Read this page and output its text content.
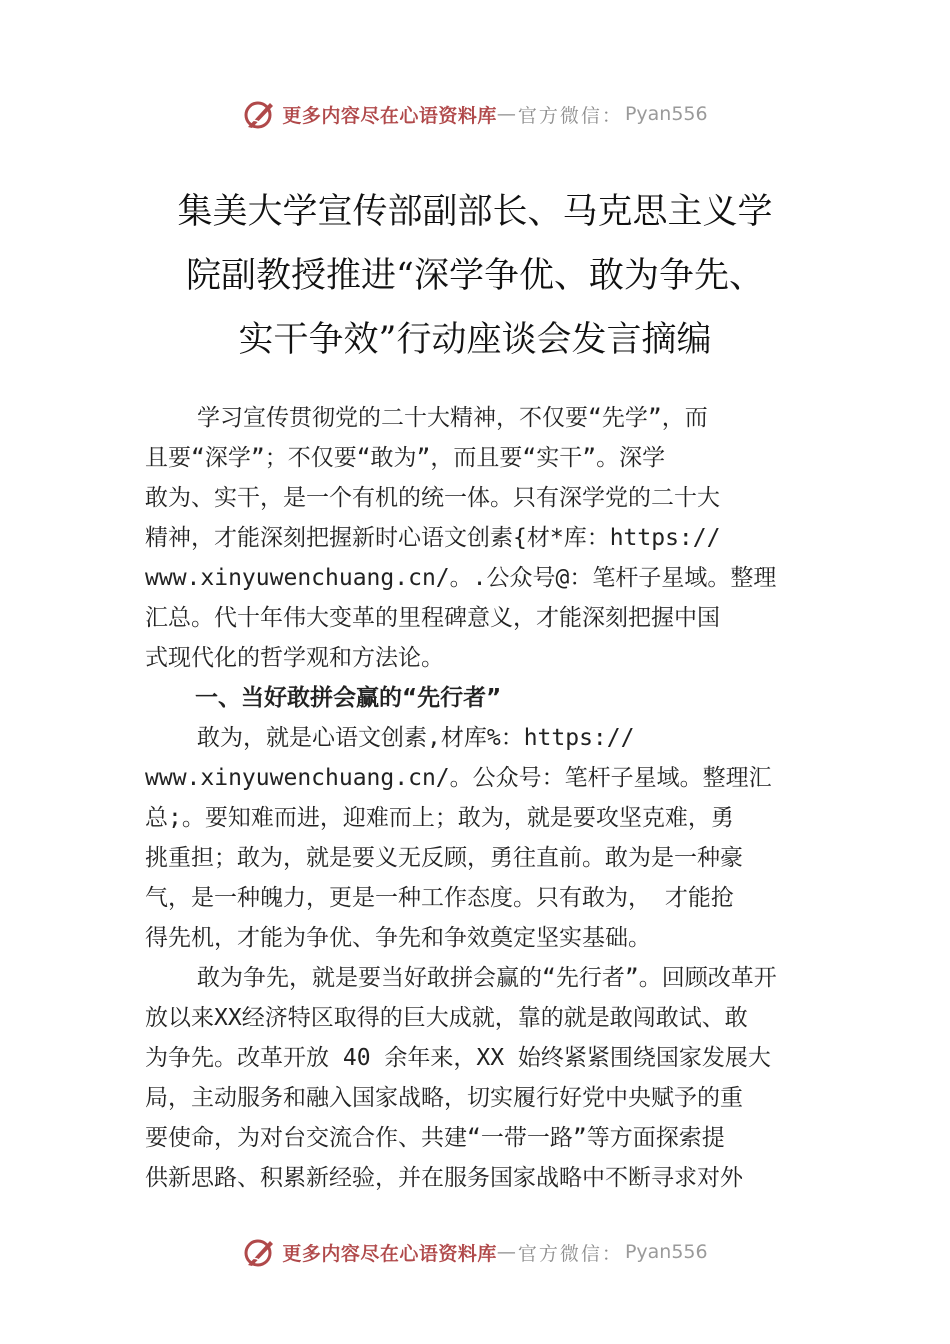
更多内容尽在心语资料库 — 官方微信： Pyan556
集美大学宣传部副部长、马克思主义学
院副教授推进“深学争优、敢为争先、
实干争效”行动座谈会发言摘编
学习宣传贯彻党的二十大精神，不仅要“先学”，而
且要“深学”；不仅要“敢为”，而且要“实干”。深学
敢为、实干，是一个有机的统一体。只有深学党的二十大
精神，才能深刻把握新时心语文创素{材*库：https://
www.xinyuwenchuang.cn/。.公众号@：笔杆子星域。整理
汇总。代十年伟大变革的里程碑意义，才能深刻把握中国
式现代化的哲学观和方法论。
一、当好敢拼会赢的“先行者”
敢为，就是心语文创素,材库%：https://
www.xinyuwenchuang.cn/。公众号：笔杆子星域。整理汇
总;。要知难而进，迎难而上；敢为，就是要攻坚克难，勇
挑重担；敢为，就是要义无反顾，勇往直前。敢为是一种豪
气，是一种魄力，更是一种工作态度。只有敢为， 才能抢
得先机，才能为争优、争先和争效奠定坚实基础。
敢为争先，就是要当好敢拼会赢的“先行者”。回顾改革开
放以来XX经济特区取得的巨大成就，靠的就是敢闯敢试、敢
为争先。改革开放 40 余年来，XX 始终紧紧围绕国家发展大
局，主动服务和融入国家战略，切实履行好党中央赋予的重
要使命，为对台交流合作、共建“一带一路”等方面探索提
供新思路、积累新经验，并在服务国家战略中不断寻求对外
更多内容尽在心语资料库 — 官方微信： Pyan556
